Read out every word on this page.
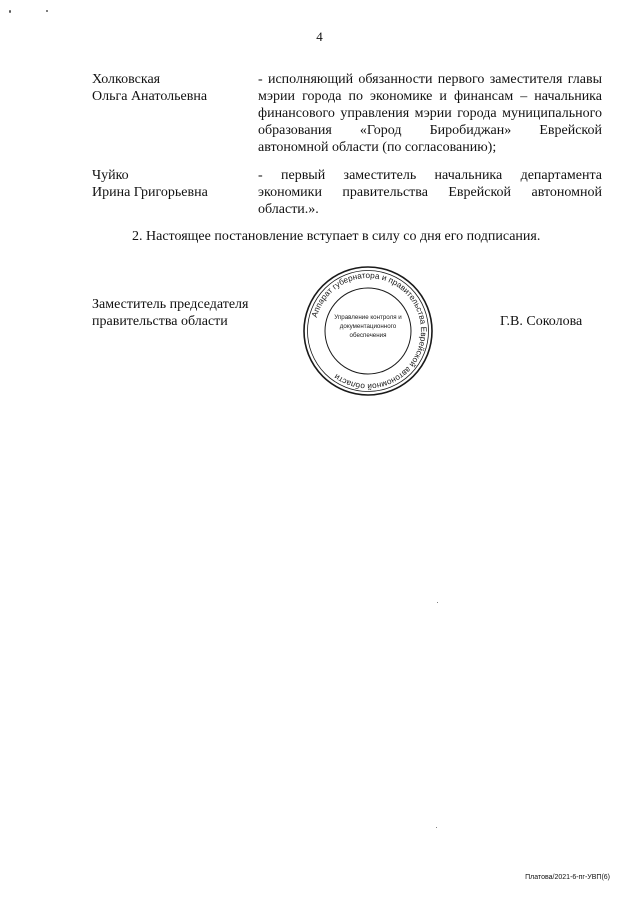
4
Холковская
Ольга Анатольевна
- исполняющий обязанности первого заместителя главы мэрии города по экономике и финансам – начальника финансового управления мэрии города муниципального образования «Город Биробиджан» Еврейской автономной области (по согласованию);
Чуйко
Ирина Григорьевна
- первый заместитель начальника департамента экономики правительства Еврейской автономной области.».
2. Настоящее постановление вступает в силу со дня его подписания.
Заместитель председателя
правительства области	Аппарат губернатора и правительства Еврейской автономной области
Управление контроля и
документационного
обеспечения
Г.В. Соколова
Платова/2021-6-пг-УВП(6)
